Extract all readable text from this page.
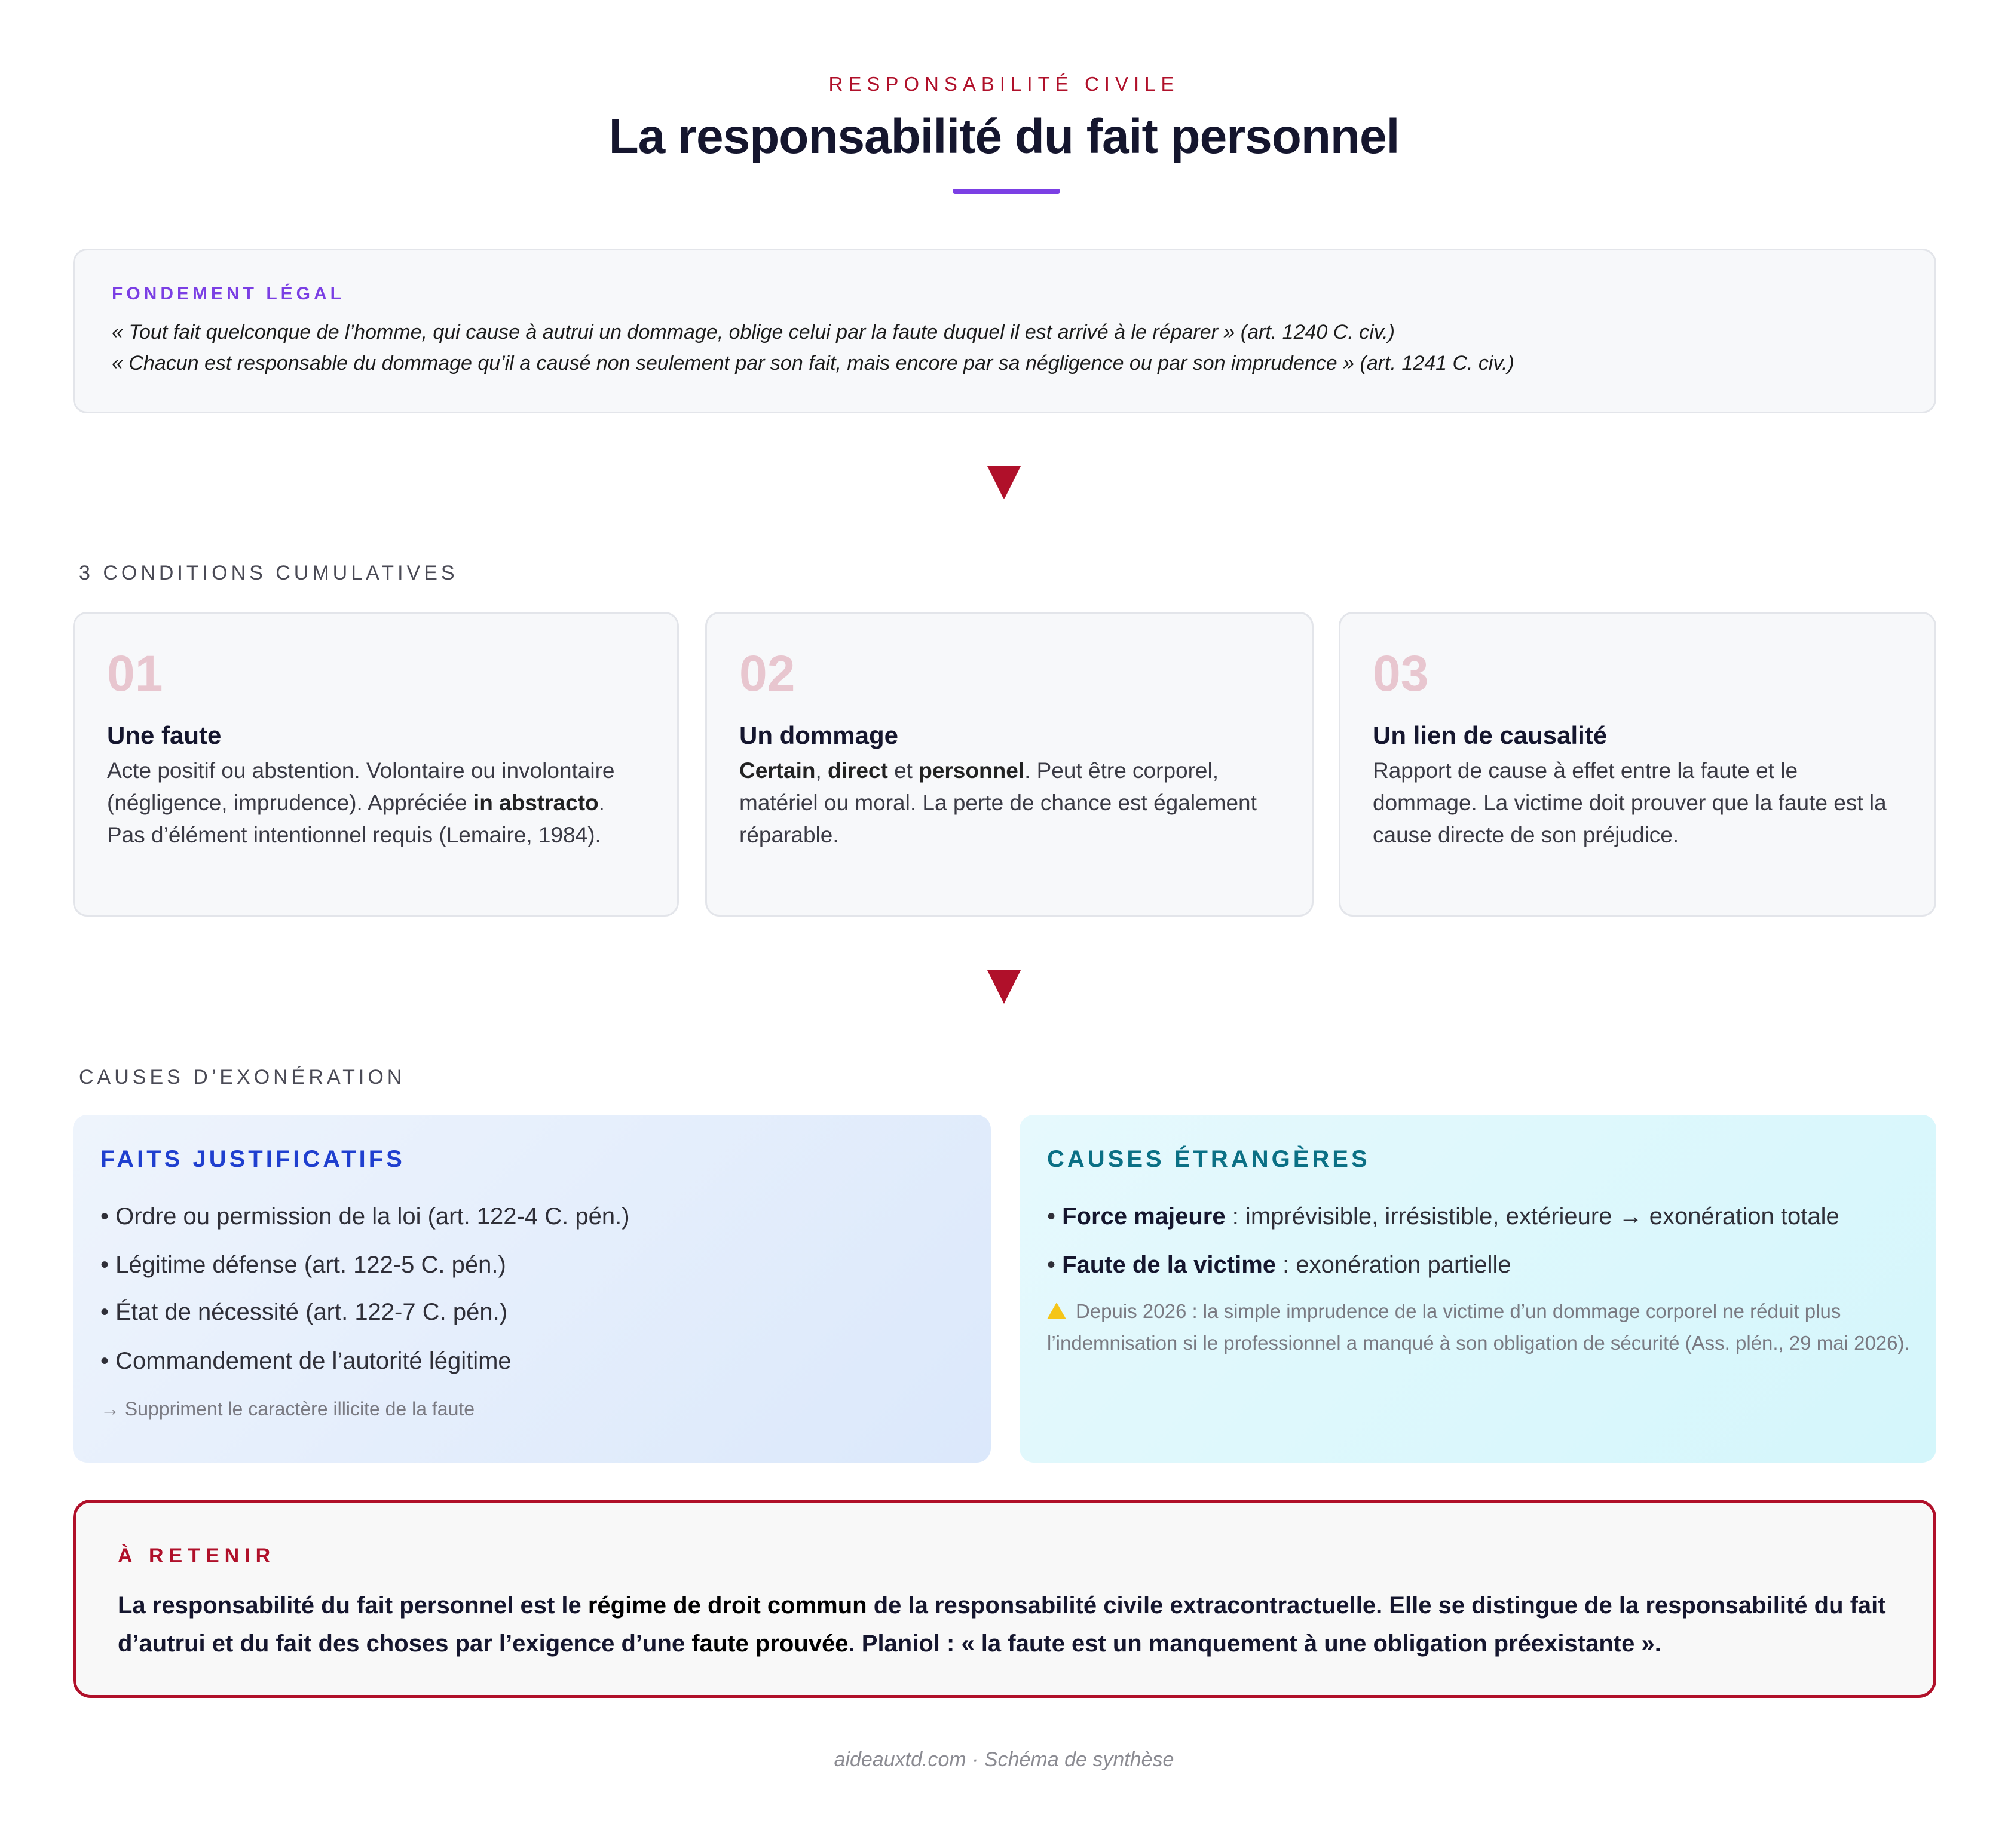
RESPONSABILITÉ CIVILE
La responsabilité du fait personnel
FONDEMENT LÉGAL
« Tout fait quelconque de l’homme, qui cause à autrui un dommage, oblige celui par la faute duquel il est arrivé à le réparer » (art. 1240 C. civ.)
« Chacun est responsable du dommage qu’il a causé non seulement par son fait, mais encore par sa négligence ou par son imprudence » (art. 1241 C. civ.)
3 CONDITIONS CUMULATIVES
01
Une faute
Acte positif ou abstention. Volontaire ou involontaire (négligence, imprudence). Appréciée in abstracto. Pas d’élément intentionnel requis (Lemaire, 1984).
02
Un dommage
Certain, direct et personnel. Peut être corporel, matériel ou moral. La perte de chance est également réparable.
03
Un lien de causalité
Rapport de cause à effet entre la faute et le dommage. La victime doit prouver que la faute est la cause directe de son préjudice.
CAUSES D’EXONÉRATION
FAITS JUSTIFICATIFS
• Ordre ou permission de la loi (art. 122-4 C. pén.)
• Légitime défense (art. 122-5 C. pén.)
• État de nécessité (art. 122-7 C. pén.)
• Commandement de l’autorité légitime
→ Suppriment le caractère illicite de la faute
CAUSES ÉTRANGÈRES
• Force majeure : imprévisible, irrésistible, extérieure → exonération totale
• Faute de la victime : exonération partielle
Depuis 2026 : la simple imprudence de la victime d’un dommage corporel ne réduit plus l’indemnisation si le professionnel a manqué à son obligation de sécurité (Ass. plén., 29 mai 2026).
À RETENIR
La responsabilité du fait personnel est le régime de droit commun de la responsabilité civile extracontractuelle. Elle se distingue de la responsabilité du fait d’autrui et du fait des choses par l’exigence d’une faute prouvée. Planiol : « la faute est un manquement à une obligation préexistante ».
aideauxtd.com · Schéma de synthèse
